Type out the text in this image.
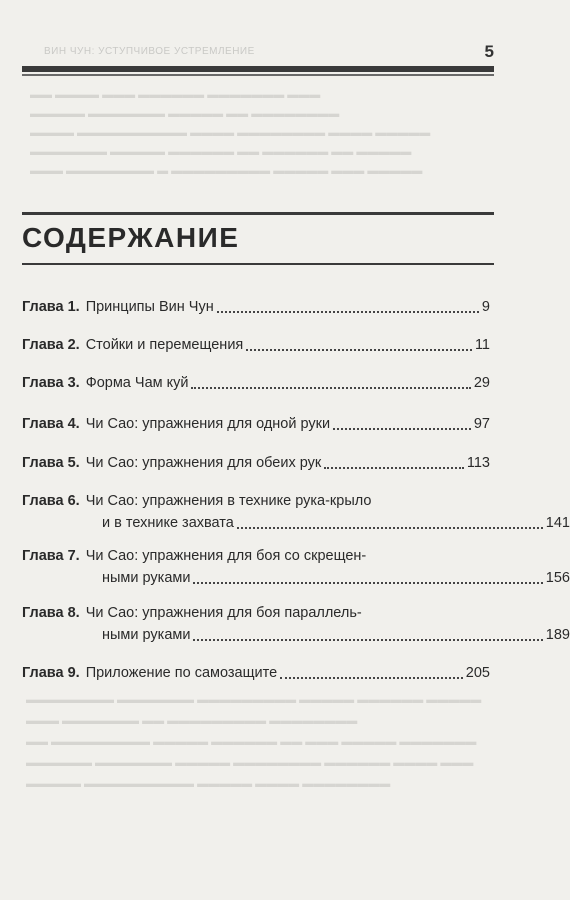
ВИН ЧУН: УСТУПЧИВОЕ УСТРЕМЛЕНИЕ	5
▬▬ ▬▬▬▬ ▬▬▬ ▬▬▬▬▬▬ ▬▬▬▬▬▬▬ ▬▬▬
▬▬▬▬▬ ▬▬▬▬▬▬▬ ▬▬▬▬▬ ▬▬ ▬▬▬▬▬▬▬▬
▬▬▬▬ ▬▬▬▬▬▬▬▬▬▬ ▬▬▬▬ ▬▬▬▬▬▬▬▬ ▬▬▬▬ ▬▬▬▬▬
▬▬▬▬▬▬▬ ▬▬▬▬▬ ▬▬▬▬▬▬ ▬▬ ▬▬▬▬▬▬ ▬▬ ▬▬▬▬▬
▬▬▬ ▬▬▬▬▬▬▬▬ ▬ ▬▬▬▬▬▬▬▬▬ ▬▬▬▬▬ ▬▬▬ ▬▬▬▬▬
СОДЕРЖАНИЕ
Глава 1. Принципы Вин Чун	9
Глава 2. Стойки и перемещения	11
Глава 3. Форма Чам куй	29
Глава 4. Чи Сао: упражнения для одной руки	97
Глава 5. Чи Сао: упражнения для обеих рук	113
Глава 6. Чи Сао: упражнения в технике рука-крыло
и в технике захвата	141
Глава 7. Чи Сао: упражнения для боя со скрещен-
ными руками	156
Глава 8. Чи Сао: упражнения для боя параллель-
ными руками	189
Глава 9. Приложение по самозащите	205
▬▬▬▬▬▬▬▬ ▬▬▬▬▬▬▬ ▬▬▬▬▬▬▬▬▬ ▬▬▬▬▬ ▬▬▬▬▬▬ ▬▬▬▬▬
▬▬▬ ▬▬▬▬▬▬▬ ▬▬ ▬▬▬▬▬▬▬▬▬ ▬▬▬▬▬▬▬▬
▬▬ ▬▬▬▬▬▬▬▬▬ ▬▬▬▬▬ ▬▬▬▬▬▬ ▬▬ ▬▬▬ ▬▬▬▬▬ ▬▬▬▬▬▬▬
▬▬▬▬▬▬ ▬▬▬▬▬▬▬ ▬▬▬▬▬ ▬▬▬▬▬▬▬▬ ▬▬▬▬▬▬ ▬▬▬▬ ▬▬▬
▬▬▬▬▬ ▬▬▬▬▬▬▬▬▬▬ ▬▬▬▬▬ ▬▬▬▬ ▬▬▬▬▬▬▬▬
